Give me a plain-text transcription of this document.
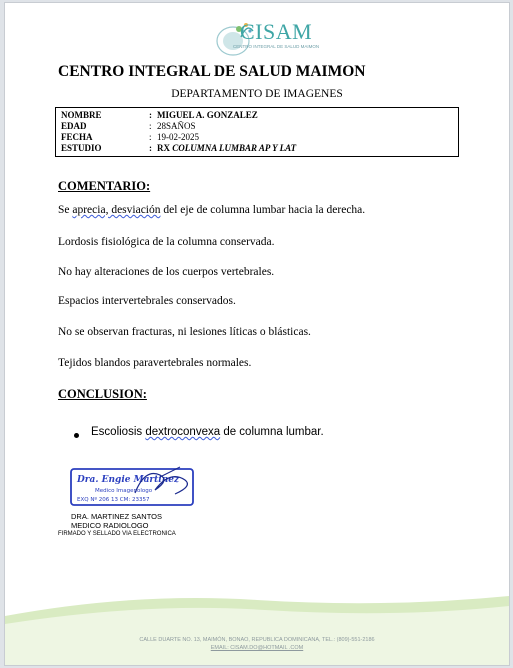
CISAM
CENTRO INTEGRAL DE SALUD MAIMON
CENTRO INTEGRAL DE SALUD MAIMON
DEPARTAMENTO DE IMAGENES
NOMBRE	: MIGUEL A. GONZALEZ
EDAD	: 28SAÑOS
FECHA	: 19-02-2025
ESTUDIO	: RX COLUMNA LUMBAR AP Y LAT
COMENTARIO:
Se aprecia, desviación del eje de columna lumbar hacia la derecha.
Lordosis fisiológica de la columna conservada.
No hay alteraciones de los cuerpos vertebrales.
Espacios intervertebrales conservados.
No se observan fracturas, ni lesiones líticas o blásticas.
Tejidos blandos paravertebrales normales.
CONCLUSION:
Escoliosis dextroconvexa de columna lumbar.
Dra. Engie Martinez
Medico Imagenologo
EXQ Nº 206 13 CM: 23357
DRA. MARTINEZ SANTOS
MEDICO RADIOLOGO
FIRMADO Y SELLADO VIA ELECTRONICA
CALLE DUARTE NO. 13, MAIMÓN, BONAO, REPUBLICA DOMINICANA, TEL.: (809)-551-2186
EMAIL: CISAM.DO@HOTMAIL .COM
